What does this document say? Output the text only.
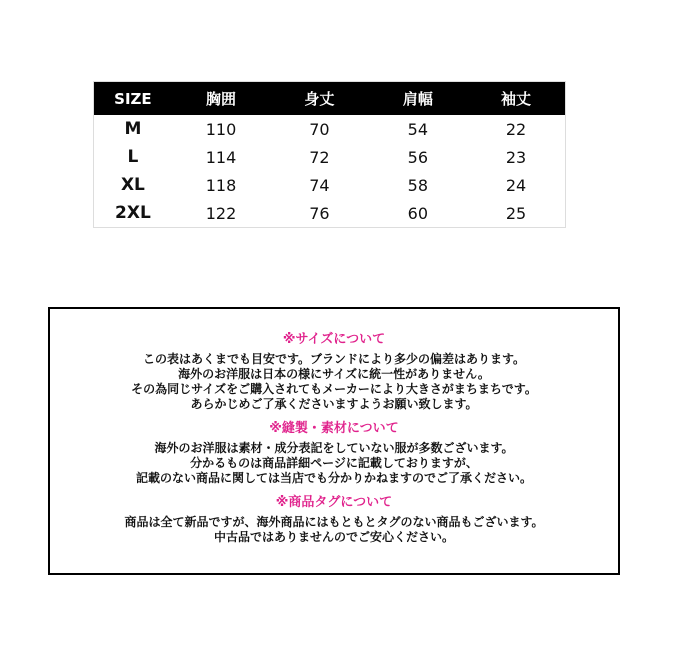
SIZE	胸囲	身丈	肩幅	袖丈
M	110	70	54	22
L	114	72	56	23
XL	118	74	58	24
2XL	122	76	60	25
※サイズについて
この表はあくまでも目安です。ブランドにより多少の偏差はあります。
海外のお洋服は日本の様にサイズに統一性がありません。
その為同じサイズをご購入されてもメーカーにより大きさがまちまちです。
あらかじめご了承くださいますようお願い致します。
※縫製・素材について
海外のお洋服は素材・成分表記をしていない服が多数ございます。
分かるものは商品詳細ページに記載しておりますが、
記載のない商品に関しては当店でも分かりかねますのでご了承ください。
※商品タグについて
商品は全て新品ですが、海外商品にはもともとタグのない商品もございます。
中古品ではありませんのでご安心ください。
